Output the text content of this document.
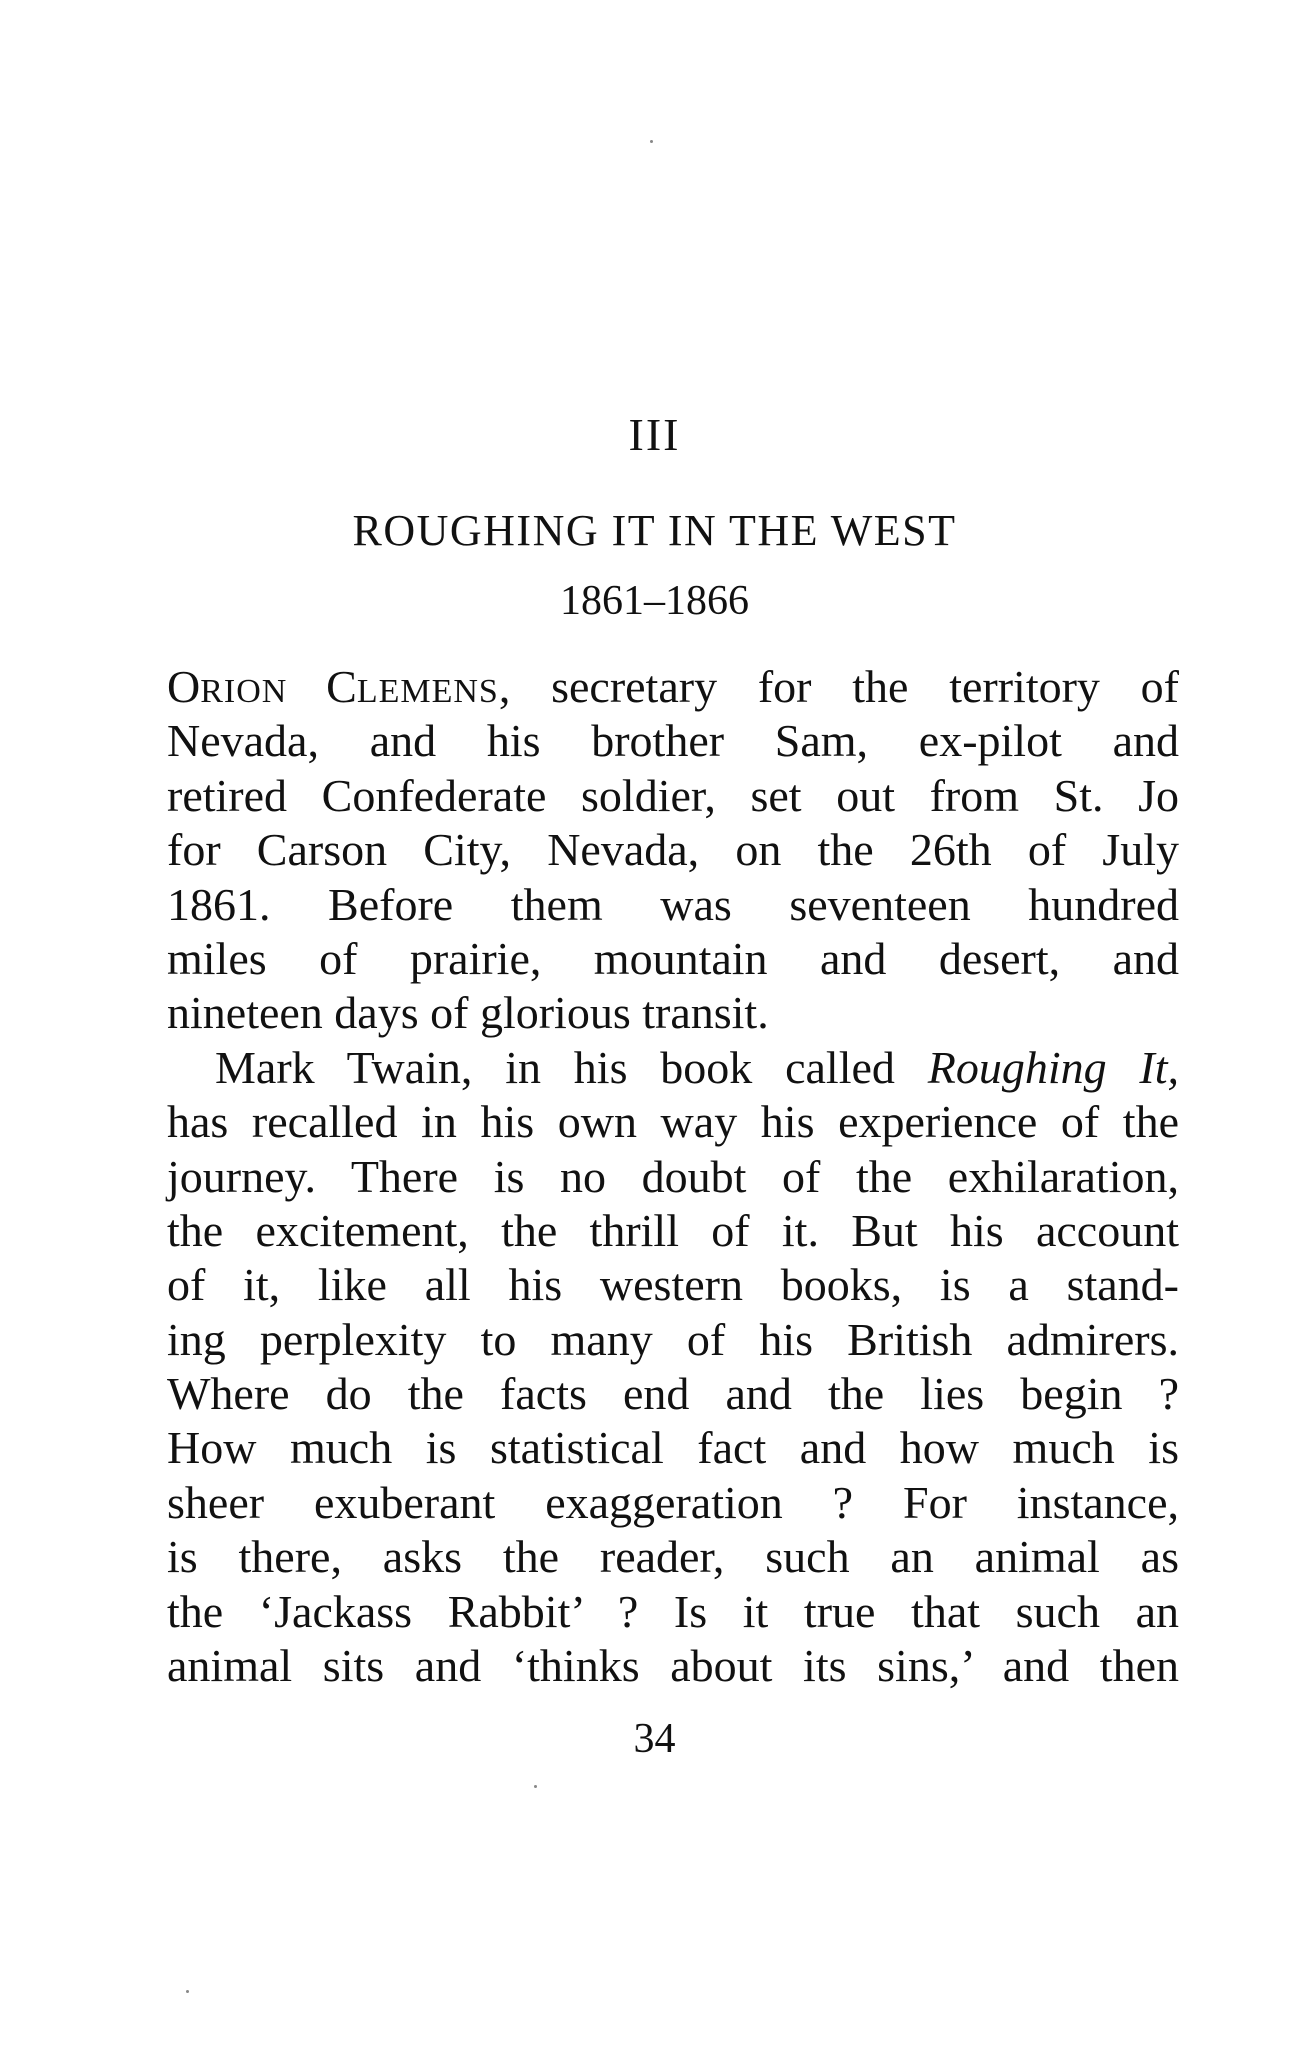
III
ROUGHING IT IN THE WEST
1861–1866
ORION CLEMENS, secretary for the territory of
Nevada, and his brother Sam, ex-pilot and
retired Confederate soldier, set out from St. Jo
for Carson City, Nevada, on the 26th of July
1861. Before them was seventeen hundred
miles of prairie, mountain and desert, and
nineteen days of glorious transit.
Mark Twain, in his book called Roughing It,
has recalled in his own way his experience of the
journey. There is no doubt of the exhilaration,
the excitement, the thrill of it. But his account
of it, like all his western books, is a stand-
ing perplexity to many of his British admirers.
Where do the facts end and the lies begin ?
How much is statistical fact and how much is
sheer exuberant exaggeration ? For instance,
is there, asks the reader, such an animal as
the ‘Jackass Rabbit’ ? Is it true that such an
animal sits and ‘thinks about its sins,’ and then
34
